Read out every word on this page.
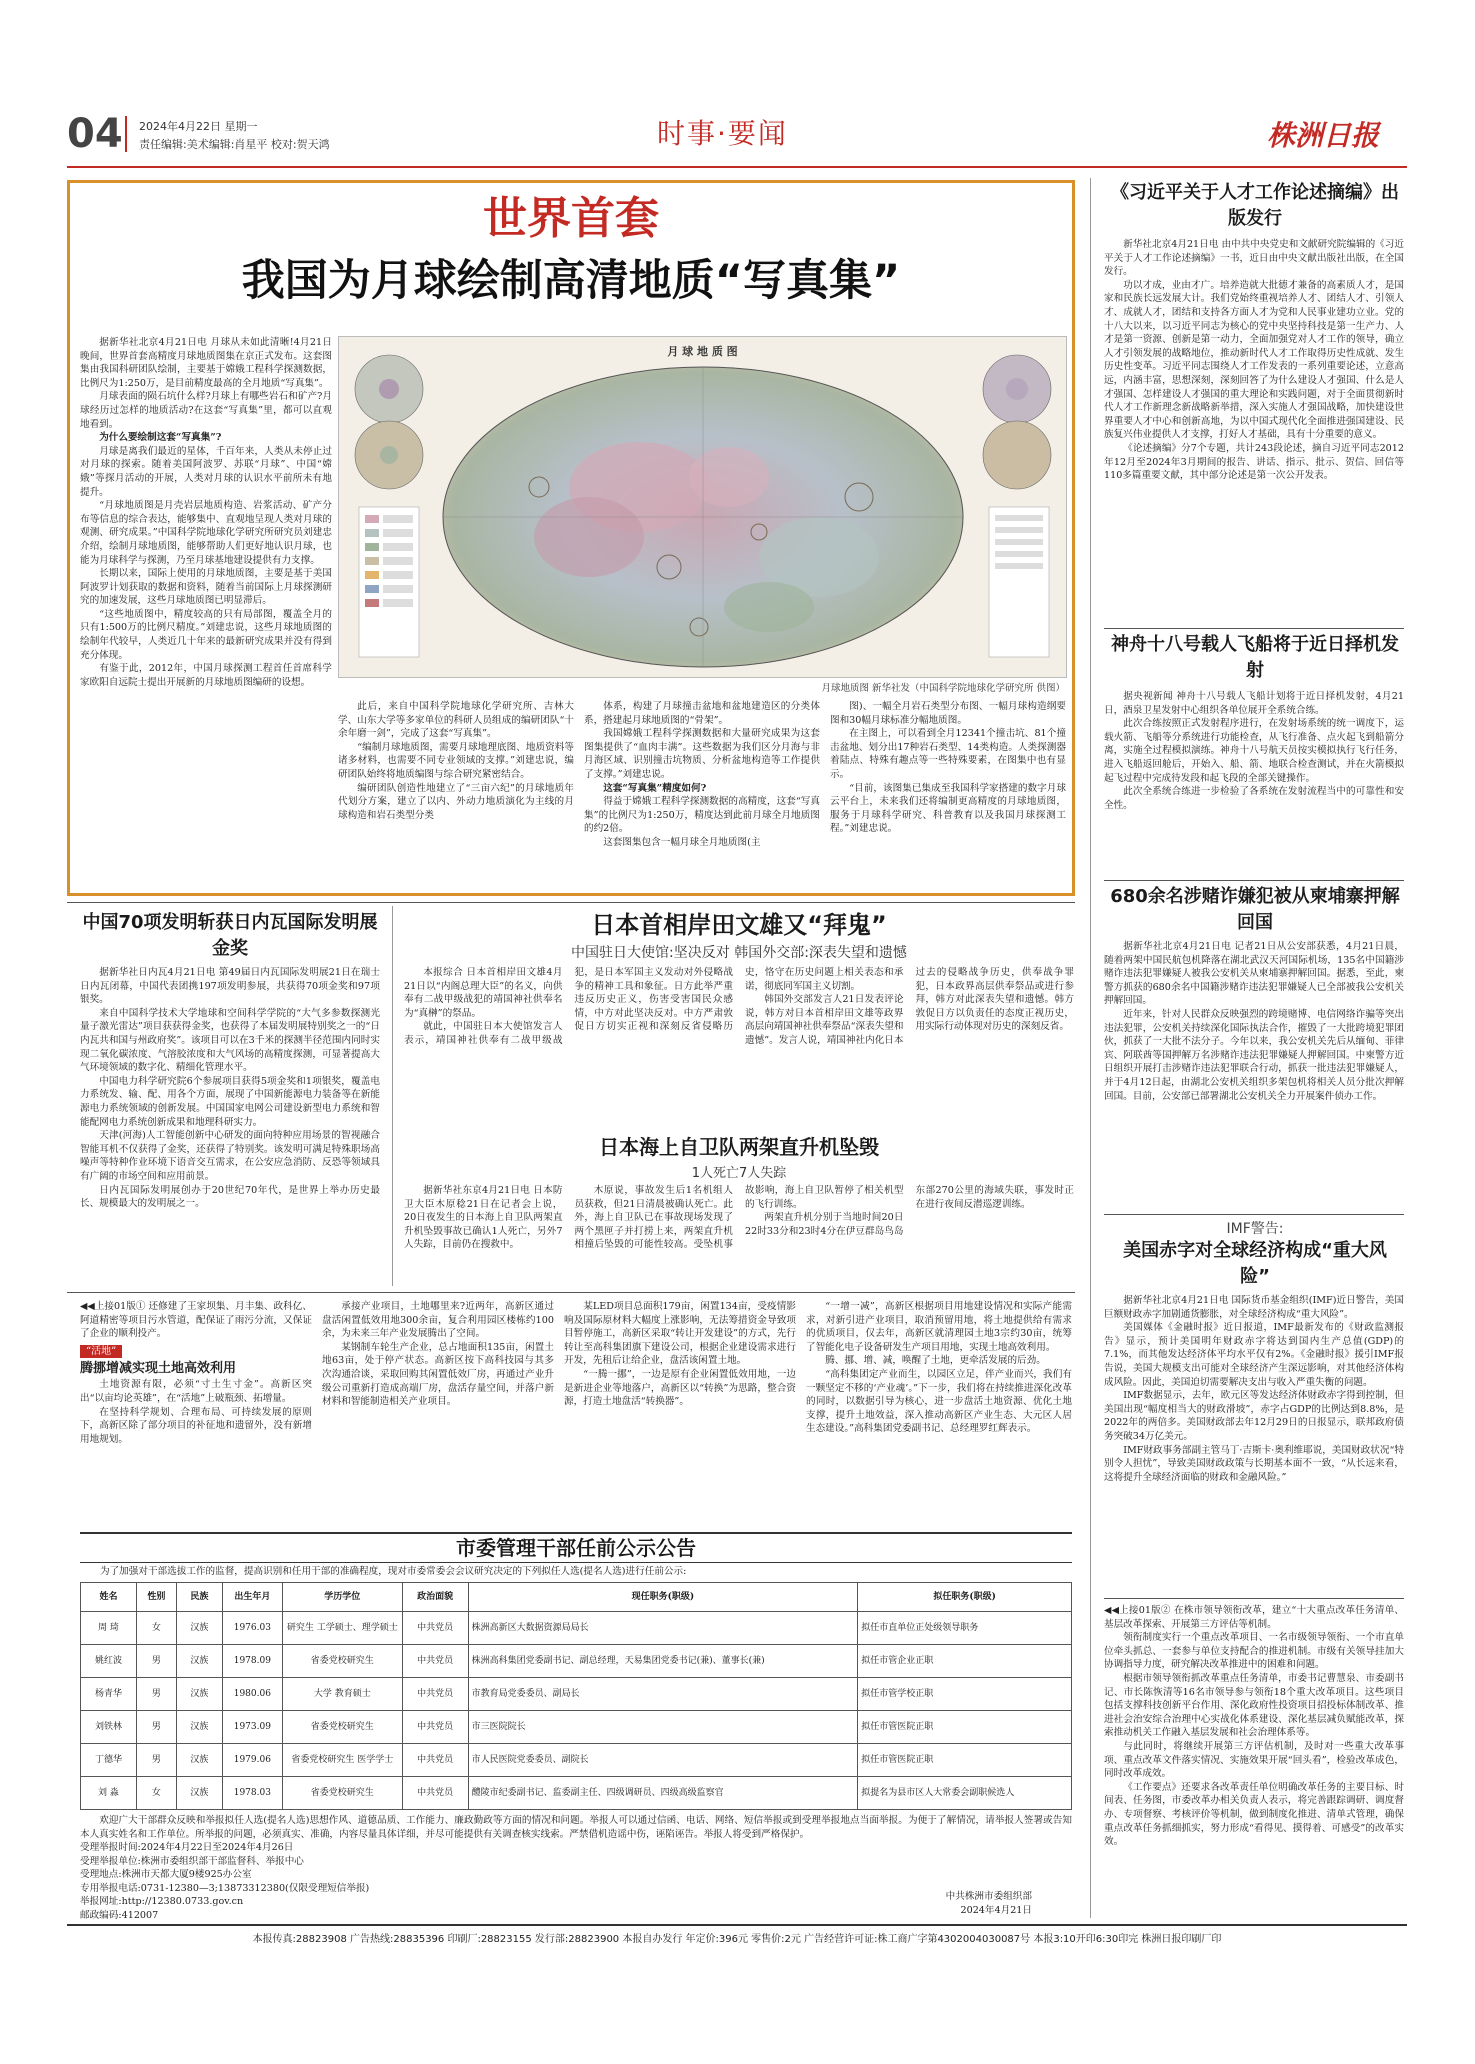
04 2024年4月22日 星期一
责任编辑:美术编辑:肖星平 校对:贺天鸿	时事·要闻	株洲日报
世界首套
我国为月球绘制高清地质“写真集”

据新华社北京4月21日电 月球从未如此清晰!4月21日晚间，世界首套高精度月球地质图集在京正式发布。这套图集由我国科研团队绘制，主要基于嫦娥工程科学探测数据，比例尺为1:250万，是目前精度最高的全月地质“写真集”。

月球表面的陨石坑什么样?月球上有哪些岩石和矿产?月球经历过怎样的地质活动?在这套“写真集”里，都可以直观地看到。

为什么要绘制这套“写真集”?

月球是离我们最近的星体，千百年来，人类从未停止过对月球的探索。随着美国阿波罗、苏联“月球”、中国“嫦娥”等探月活动的开展，人类对月球的认识水平前所未有地提升。

“月球地质图是月壳岩层地质构造、岩浆活动、矿产分布等信息的综合表达，能够集中、直观地呈现人类对月球的观测、研究成果。”中国科学院地球化学研究所研究员刘建忠介绍，绘制月球地质图，能够帮助人们更好地认识月球，也能为月球科学与探测，乃至月球基地建设提供有力支撑。

长期以来，国际上使用的月球地质图，主要是基于美国阿波罗计划获取的数据和资料，随着当前国际上月球探测研究的加速发展，这些月球地质图已明显滞后。

“这些地质图中，精度较高的只有局部图，覆盖全月的只有1:500万的比例尺精度。”刘建忠说，这些月球地质图的绘制年代较早，人类近几十年来的最新研究成果并没有得到充分体现。

有鉴于此，2012年，中国月球探测工程首任首席科学家欧阳自远院士提出开展新的月球地质图编研的设想。

月 球 地 质 图
月球地质图 新华社发（中国科学院地球化学研究所 供图）

此后，来自中国科学院地球化学研究所、吉林大学、山东大学等多家单位的科研人员组成的编研团队“十余年磨一剑”，完成了这套“写真集”。

“编制月球地质图，需要月球地理底图、地质资料等诸多材料，也需要不同专业领域的支撑。”刘建忠说，编研团队始终将地质编图与综合研究紧密结合。

编研团队创造性地建立了“三亩六纪”的月球地质年代划分方案，建立了以内、外动力地质演化为主线的月球构造和岩石类型分类

体系，构建了月球撞击盆地和盆地建造区的分类体系，搭建起月球地质图的“骨架”。

我国嫦娥工程科学探测数据和大量研究成果为这套图集提供了“血肉丰满”。这些数据为我们区分月海与非月海区域、识别撞击坑物质、分析盆地构造等工作提供了支撑。”刘建忠说。

这套“写真集”精度如何?

得益于嫦娥工程科学探测数据的高精度，这套“写真集”的比例尺为1:250万，精度达到此前月球全月地质图的约2倍。

这套图集包含一幅月球全月地质图(主

图)、一幅全月岩石类型分布图、一幅月球构造纲要图和30幅月球标准分幅地质图。

在主图上，可以看到全月12341个撞击坑、81个撞击盆地、划分出17种岩石类型、14类构造。人类探测器着陆点、特殊有趣点等一些特殊要素，在图集中也有显示。

“目前，该图集已集成至我国科学家搭建的数字月球云平台上，未来我们还将编制更高精度的月球地质图，服务于月球科学研究、科普教育以及我国月球探测工程。”刘建忠说。

《习近平关于人才工作论述摘编》出版发行

新华社北京4月21日电 由中共中央党史和文献研究院编辑的《习近平关于人才工作论述摘编》一书，近日由中央文献出版社出版，在全国发行。

功以才成，业由才广。培养造就大批德才兼备的高素质人才，是国家和民族长远发展大计。我们党始终重视培养人才、团结人才、引领人才、成就人才，团结和支持各方面人才为党和人民事业建功立业。党的十八大以来，以习近平同志为核心的党中央坚持科技是第一生产力、人才是第一资源、创新是第一动力，全面加强党对人才工作的领导，确立人才引领发展的战略地位，推动新时代人才工作取得历史性成就、发生历史性变革。习近平同志围绕人才工作发表的一系列重要论述，立意高远，内涵丰富，思想深刻，深刻回答了为什么建设人才强国、什么是人才强国、怎样建设人才强国的重大理论和实践问题，对于全面贯彻新时代人才工作新理念新战略新举措，深入实施人才强国战略，加快建设世界重要人才中心和创新高地，为以中国式现代化全面推进强国建设、民族复兴伟业提供人才支撑，打好人才基础，具有十分重要的意义。

《论述摘编》分7个专题，共计243段论述，摘自习近平同志2012年12月至2024年3月期间的报告、讲话、指示、批示、贺信、回信等110多篇重要文献，其中部分论述是第一次公开发表。

神舟十八号载人飞船将于近日择机发射

据央视新闻 神舟十八号载人飞船计划将于近日择机发射，4月21日，酒泉卫星发射中心组织各单位展开全系统合练。

此次合练按照正式发射程序进行，在发射场系统的统一调度下，运载火箭、飞船等分系统进行功能检查，从飞行准备、点火起飞到船箭分离，实施全过程模拟演练。神舟十八号航天员按实模拟执行飞行任务，进入飞船返回舱后，开始入、船、箭、地联合检查测试，并在火箭模拟起飞过程中完成待发段和起飞段的全部关键操作。

此次全系统合练进一步检验了各系统在发射流程当中的可靠性和安全性。

680余名涉赌诈嫌犯被从柬埔寨押解回国

据新华社北京4月21日电 记者21日从公安部获悉，4月21日晨，随着两架中国民航包机降落在湖北武汉天河国际机场，135名中国籍涉赌诈违法犯罪嫌疑人被我公安机关从柬埔寨押解回国。据悉，至此，柬警方抓获的680余名中国籍涉赌诈违法犯罪嫌疑人已全部被我公安机关押解回国。

近年来，针对人民群众反映强烈的跨境赌博、电信网络诈骗等突出违法犯罪，公安机关持续深化国际执法合作，摧毁了一大批跨境犯罪团伙，抓获了一大批不法分子。今年以来，我公安机关先后从缅甸、菲律宾、阿联酋等国押解万名涉赌诈违法犯罪嫌疑人押解回国。中柬警方近日组织开展打击涉赌诈违法犯罪联合行动，抓获一批违法犯罪嫌疑人，并于4月12日起，由湖北公安机关组织多架包机将相关人员分批次押解回国。目前，公安部已部署湖北公安机关全力开展案件侦办工作。

IMF警告:
美国赤字对全球经济构成“重大风险”

据新华社北京4月21日电 国际货币基金组织(IMF)近日警告，美国巨额财政赤字加剧通货膨胀，对全球经济构成“重大风险”。

美国媒体《金融时报》近日报道，IMF最新发布的《财政监测报告》显示，预计美国明年财政赤字将达到国内生产总值(GDP)的7.1%，而其他发达经济体平均水平仅有2%。《金融时报》援引IMF报告说，美国大规模支出可能对全球经济产生深远影响，对其他经济体构成风险。因此，美国迫切需要解决支出与收入严重失衡的问题。

IMF数据显示，去年，欧元区等发达经济体财政赤字得到控制，但美国出现“幅度相当大的财政滑坡”，赤字占GDP的比例达到8.8%，是2022年的两倍多。美国财政部去年12月29日的日报显示，联邦政府债务突破34万亿美元。

IMF财政事务部副主管马丁·吉斯卡·奥利维耶说，美国财政状况“特别令人担忧”，导致美国财政政策与长期基本面不一致，“从长远来看，这将提升全球经济面临的财政和金融风险。”

◀◀上接01版② 在株市领导领衔改革，建立“十大重点改革任务清单、基层改革探索、开展第三方评估等机制。

领衔制度实行一个重点改革项目、一名市级领导领衔、一个市直单位牵头抓总、一套参与单位支持配合的推进机制。市级有关领导挂加大协调指导力度，研究解决改革推进中的困难和问题。

根据市领导领衔抓改革重点任务清单，市委书记曹慧泉、市委副书记、市长陈恢清等16名市领导参与领衔18个重大改革项目。这些项目包括支撑科技创新平台作用、深化政府性投资项目招投标体制改革、推进社会治安综合治理中心实战化体系建设、深化基层减负赋能改革，探索推动机关工作融入基层发展和社会治理体系等。

与此同时，将继续开展第三方评估机制，及时对一些重大改革事项、重点改革文件落实情况、实施效果开展“回头看”，检验改革成色，同时改革成效。

《工作要点》还要求各改革责任单位明确改革任务的主要目标、时间表、任务图，市委改革办相关负责人表示，将完善跟踪调研、调度督办、专项督察、考核评价等机制，做到制度化推进、清单式管理，确保重点改革任务抓细抓实，努力形成“看得见、摸得着、可感受”的改革实效。

中国70项发明斩获日内瓦国际发明展金奖

据新华社日内瓦4月21日电 第49届日内瓦国际发明展21日在瑞士日内瓦闭幕，中国代表团携197项发明参展，共获得70项金奖和97项银奖。

来自中国科学技术大学地球和空间科学学院的“大气多参数探测光量子激光雷达”项目获获得金奖，也获得了本届发明展特别奖之一的“日内瓦共和国与州政府奖”。该项目可以在3千米的探测半径范围内同时实现二氧化碳浓度、气溶胶浓度和大气风场的高精度探测，可显著提高大气环境领域的数字化、精细化管理水平。

中国电力科学研究院6个参展项目获得5项金奖和1项银奖，覆盖电力系统发、输、配、用各个方面，展现了中国新能源电力装备等在新能源电力系统领域的创新发展。中国国家电网公司建设新型电力系统和智能配网电力系统创新成果和地理科研实力。

天津(河海)人工智能创新中心研发的面向特种应用场景的智视融合智能耳机不仅获得了金奖，还获得了特别奖。该发明可满足特殊职场高噪声等特种作业环境下语音交互需求，在公安应急消防、反恐等领域具有广阔的市场空间和应用前景。

日内瓦国际发明展创办于20世纪70年代，是世界上举办历史最长、规模最大的发明展之一。

日本首相岸田文雄又“拜鬼”
中国驻日大使馆:坚决反对 韩国外交部:深表失望和遗憾

本报综合 日本首相岸田文雄4月21日以“内阁总理大臣”的名义，向供奉有二战甲级战犯的靖国神社供奉名为“真榊”的祭品。

就此，中国驻日本大使馆发言人表示，靖国神社供奉有二战甲级战犯，是日本军国主义发动对外侵略战争的精神工具和象征。日方此举严重违反历史正义，伤害受害国民众感情，中方对此坚决反对。中方严肃敦促日方切实正视和深刻反省侵略历史，恪守在历史问题上相关表态和承诺，彻底同军国主义切割。

韩国外交部发言人21日发表评论说，韩方对日本首相岸田文雄等政界高层向靖国神社供奉祭品“深表失望和遗憾”。发言人说，靖国神社内化日本过去的侵略战争历史，供奉战争罪犯，日本政界高层供奉祭品或进行参拜，韩方对此深表失望和遗憾。韩方敦促日方以负责任的态度正视历史，用实际行动体现对历史的深刻反省。

日本海上自卫队两架直升机坠毁
1人死亡7人失踪

据新华社东京4月21日电 日本防卫大臣木原稔21日在记者会上说，20日夜发生的日本海上自卫队两架直升机坠毁事故已确认1人死亡，另外7人失踪，目前仍在搜救中。

木原说，事故发生后1名机组人员获救，但21日清晨被确认死亡。此外，海上自卫队已在事故现场发现了两个黑匣子并打捞上来，两架直升机相撞后坠毁的可能性较高。受坠机事故影响，海上自卫队暂停了相关机型的飞行训练。

两架直升机分别于当地时间20日22时33分和23时4分在伊豆群岛鸟岛东部270公里的海域失联，事发时正在进行夜间反潜巡逻训练。

◀◀上接01版① 还修建了王家坝集、月丰集、政科亿、阿道精密等项目污水管道，配保证了雨污分流，又保证了企业的顺利投产。

“活地”
腾挪增减实现土地高效利用

土地资源有限，必须“寸土生寸金”。高新区突出“以亩均论英雄”，在“活地”上破瓶颈、拓增量。

在坚持科学规划、合理布局、可持续发展的原则下，高新区除了部分项目的补征地和遗留外，没有新增用地规划。

承接产业项目，土地哪里来?近两年，高新区通过盘活闲置低效用地300余亩，复合利用园区楼栋约100余，为未来三年产业发展腾出了空间。

某钢制车轮生产企业，总占地面积135亩，闲置土地63亩，处于停产状态。高新区按下高科技园与其多次沟通洽谈，采取回购其闲置低效厂房，再通过产业升级公司重新打造成高端厂房，盘活存量空间，并落户新材料和智能制造相关产业项目。

某LED项目总面积179亩，闲置134亩，受疫情影响及国际原材料大幅度上涨影响，无法筹措资金导致项目暂停施工，高新区采取“转让开发建设”的方式，先行转让至高科集团旗下建设公司，根据企业建设需求进行开发，先租后让给企业，盘活该闲置土地。

“一腾一挪”，一边是原有企业闲置低效用地，一边是新进企业等地落户，高新区以“转换”为思路，整合资源，打造土地盘活“转换器”。

“一增一减”，高新区根据项目用地建设情况和实际产能需求，对新引进产业项目，取消预留用地，将土地提供给有需求的优质项目，仅去年，高新区就清理园土地3宗约30亩，统筹了智能化电子设备研发生产项目用地，实现土地高效利用。

腾、挪、增、减，唤醒了土地，更牵活发展的后劲。

“高科集团定产业而生，以园区立足，伴产业而兴，我们有一颗坚定不移的‘产业魂’。”下一步，我们将在持续推进深化改革的同时，以数据引导为核心，进一步盘活土地资源、优化土地支撑，提升土地效益，深入推动高新区产业生态、大元区人居生态建设。”高科集团党委副书记、总经理罗红辉表示。

市委管理干部任前公示公告
为了加强对干部选拔工作的监督，提高识别和任用干部的准确程度，现对市委常委会会议研究决定的下列拟任人选(提名人选)进行任前公示:
姓名	性别	民族	出生年月	学历学位	政治面貌	现任职务(职级)	拟任职务(职级)
周 琦	女	汉族	1976.03	研究生 工学硕士、理学硕士	中共党员	株洲高新区大数据资源局局长	拟任市直单位正处级领导职务
姚红波	男	汉族	1978.09	省委党校研究生	中共党员	株洲高科集团党委副书记、副总经理，天易集团党委书记(兼)、董事长(兼)	拟任市管企业正职
杨青华	男	汉族	1980.06	大学 教育硕士	中共党员	市教育局党委委员、副局长	拟任市管学校正职
刘铁林	男	汉族	1973.09	省委党校研究生	中共党员	市三医院院长	拟任市管医院正职
丁德华	男	汉族	1979.06	省委党校研究生 医学学士	中共党员	市人民医院党委委员、副院长	拟任市管医院正职
刘 淼	女	汉族	1978.03	省委党校研究生	中共党员	醴陵市纪委副书记、监委副主任、四级调研员、四级高级监察官	拟提名为县市区人大常委会副职候选人
欢迎广大干部群众反映和举报拟任人选(提名人选)思想作风、道德品质、工作能力、廉政勤政等方面的情况和问题。举报人可以通过信函、电话、网络、短信举报或到受理举报地点当面举报。为便于了解情况，请举报人签署或告知本人真实姓名和工作单位。所举报的问题，必须真实、准确，内容尽量具体详细，并尽可能提供有关调查核实线索。严禁借机造谣中伤，诬陷诬告。举报人将受到严格保护。
受理举报时间:2024年4月22日至2024年4月26日
受理举报单位:株洲市委组织部干部监督科、举报中心
受理地点:株洲市天都大厦9楼925办公室
专用举报电话:0731-12380—3;13873312380(仅限受理短信举报)
举报网址:http://12380.0733.gov.cn
邮政编码:412007
中共株洲市委组织部
2024年4月21日
本报传真:28823908 广告热线:28835396 印刷厂:28823155 发行部:28823900 本报自办发行 年定价:396元 零售价:2元 广告经营许可证:株工商广字第4302004030087号 本报3:10开印6:30印完 株洲日报印刷厂印
